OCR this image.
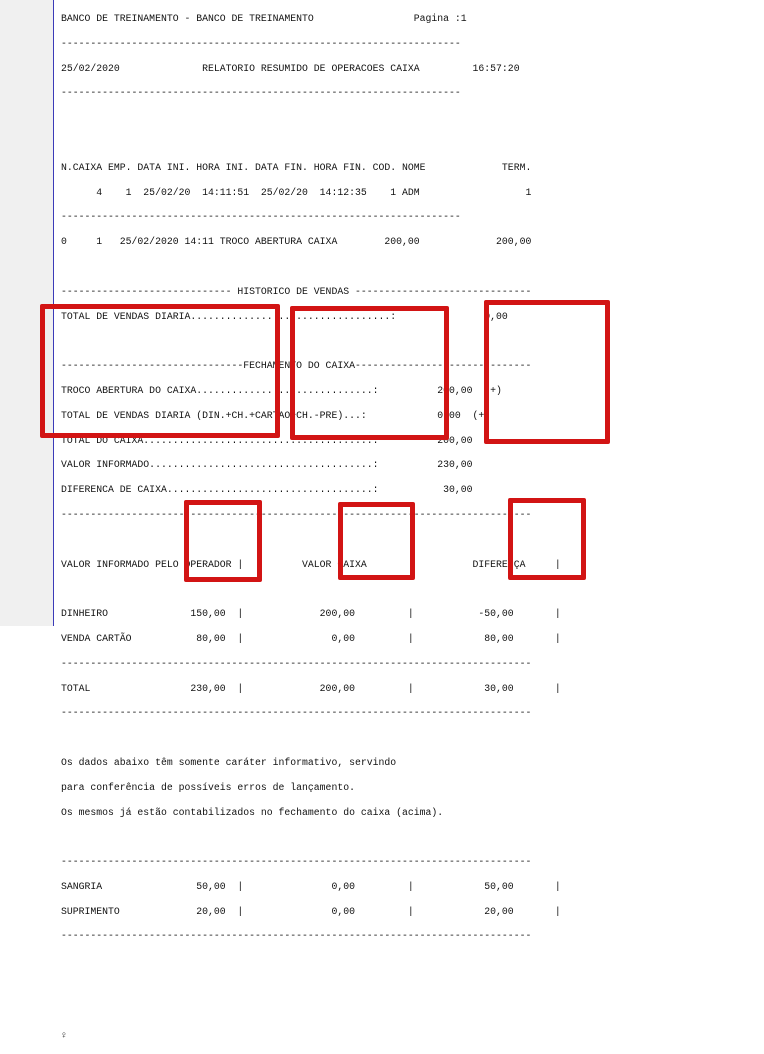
BANCO DE TREINAMENTO - BANCO DE TREINAMENTO                 Pagina :1

--------------------------------------------------------------------

25/02/2020              RELATORIO RESUMIDO DE OPERACOES CAIXA         16:57:20

--------------------------------------------------------------------

N.CAIXA EMP. DATA INI. HORA INI. DATA FIN. HORA FIN. COD. NOME             TERM.

4    1  25/02/20  14:11:51  25/02/20  14:12:35    1 ADM                  1

--------------------------------------------------------------------

0     1   25/02/2020 14:11 TROCO ABERTURA CAIXA        200,00             200,00

----------------------------- HISTORICO DE VENDAS ------------------------------

TOTAL DE VENDAS DIARIA..................................:               0,00

-------------------------------FECHAMENTO DO CAIXA------------------------------

TROCO ABERTURA DO CAIXA..............................:          200,00  (+)

TOTAL DE VENDAS DIARIA (DIN.+CH.+CARTAO+CH.-PRE)...:            0,00  (+)

TOTAL DO CAIXA.......................................:          200,00

VALOR INFORMADO......................................:          230,00

DIFERENCA DE CAIXA...................................:           30,00

--------------------------------------------------------------------------------

VALOR INFORMADO PELO OPERADOR |          VALOR CAIXA       |          DIFERENÇA     |

DINHEIRO              150,00  |             200,00         |           -50,00       |

VENDA CARTÃO           80,00  |               0,00         |            80,00       |

--------------------------------------------------------------------------------

TOTAL                 230,00  |             200,00         |            30,00       |

--------------------------------------------------------------------------------

Os dados abaixo têm somente caráter informativo, servindo

para conferência de possíveis erros de lançamento.

Os mesmos já estão contabilizados no fechamento do caixa (acima).

--------------------------------------------------------------------------------

SANGRIA                50,00  |               0,00         |            50,00       |

SUPRIMENTO             20,00  |               0,00         |            20,00       |

--------------------------------------------------------------------------------

♀
